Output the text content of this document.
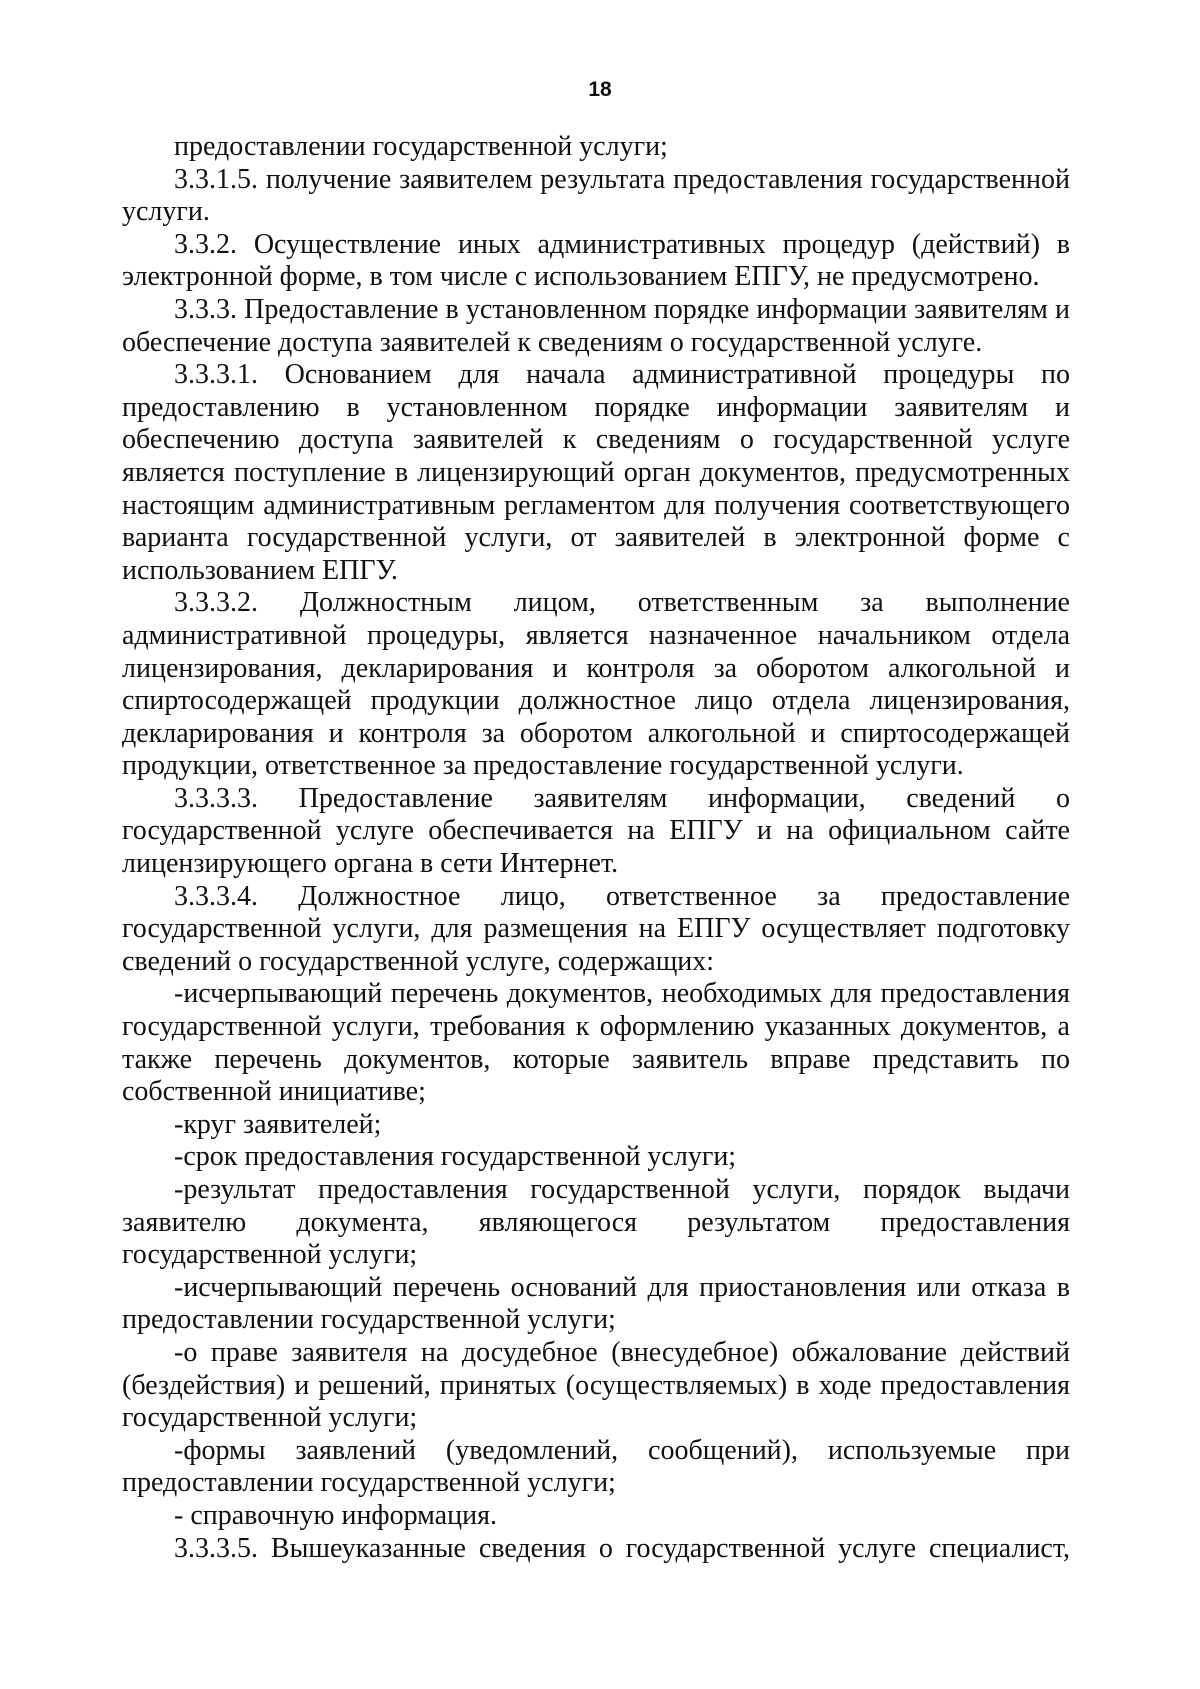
18

предоставлении государственной услуги;

3.3.1.5. получение заявителем результата предоставления государственной услуги.

3.3.2. Осуществление иных административных процедур (действий) в электронной форме, в том числе с использованием ЕПГУ, не предусмотрено.

3.3.3. Предоставление в установленном порядке информации заявителям и обеспечение доступа заявителей к сведениям о государственной услуге.

3.3.3.1. Основанием для начала административной процедуры по предоставлению в установленном порядке информации заявителям и обеспечению доступа заявителей к сведениям о государственной услуге является поступление в лицензирующий орган документов, предусмотренных настоящим административным регламентом для получения соответствующего варианта государственной услуги, от заявителей в электронной форме с использованием ЕПГУ.

3.3.3.2. Должностным лицом, ответственным за выполнение административной процедуры, является назначенное начальником отдела лицензирования, декларирования и контроля за оборотом алкогольной и спиртосодержащей продукции должностное лицо отдела лицензирования, декларирования и контроля за оборотом алкогольной и спиртосодержащей продукции, ответственное за предоставление государственной услуги.

3.3.3.3. Предоставление заявителям информации, сведений о государственной услуге обеспечивается на ЕПГУ и на официальном сайте лицензирующего органа в сети Интернет.

3.3.3.4. Должностное лицо, ответственное за предоставление государственной услуги, для размещения на ЕПГУ осуществляет подготовку сведений о государственной услуге, содержащих:

-исчерпывающий перечень документов, необходимых для предоставления государственной услуги, требования к оформлению указанных документов, а также перечень документов, которые заявитель вправе представить по собственной инициативе;

-круг заявителей;

-срок предоставления государственной услуги;

-результат предоставления государственной услуги, порядок выдачи заявителю документа, являющегося результатом предоставления государственной услуги;

-исчерпывающий перечень оснований для приостановления или отказа в предоставлении государственной услуги;

-о праве заявителя на досудебное (внесудебное) обжалование действий (бездействия) и решений, принятых (осуществляемых) в ходе предоставления государственной услуги;

-формы заявлений (уведомлений, сообщений), используемые при предоставлении государственной услуги;

- справочную информация.

3.3.3.5. Вышеуказанные сведения о государственной услуге специалист,
